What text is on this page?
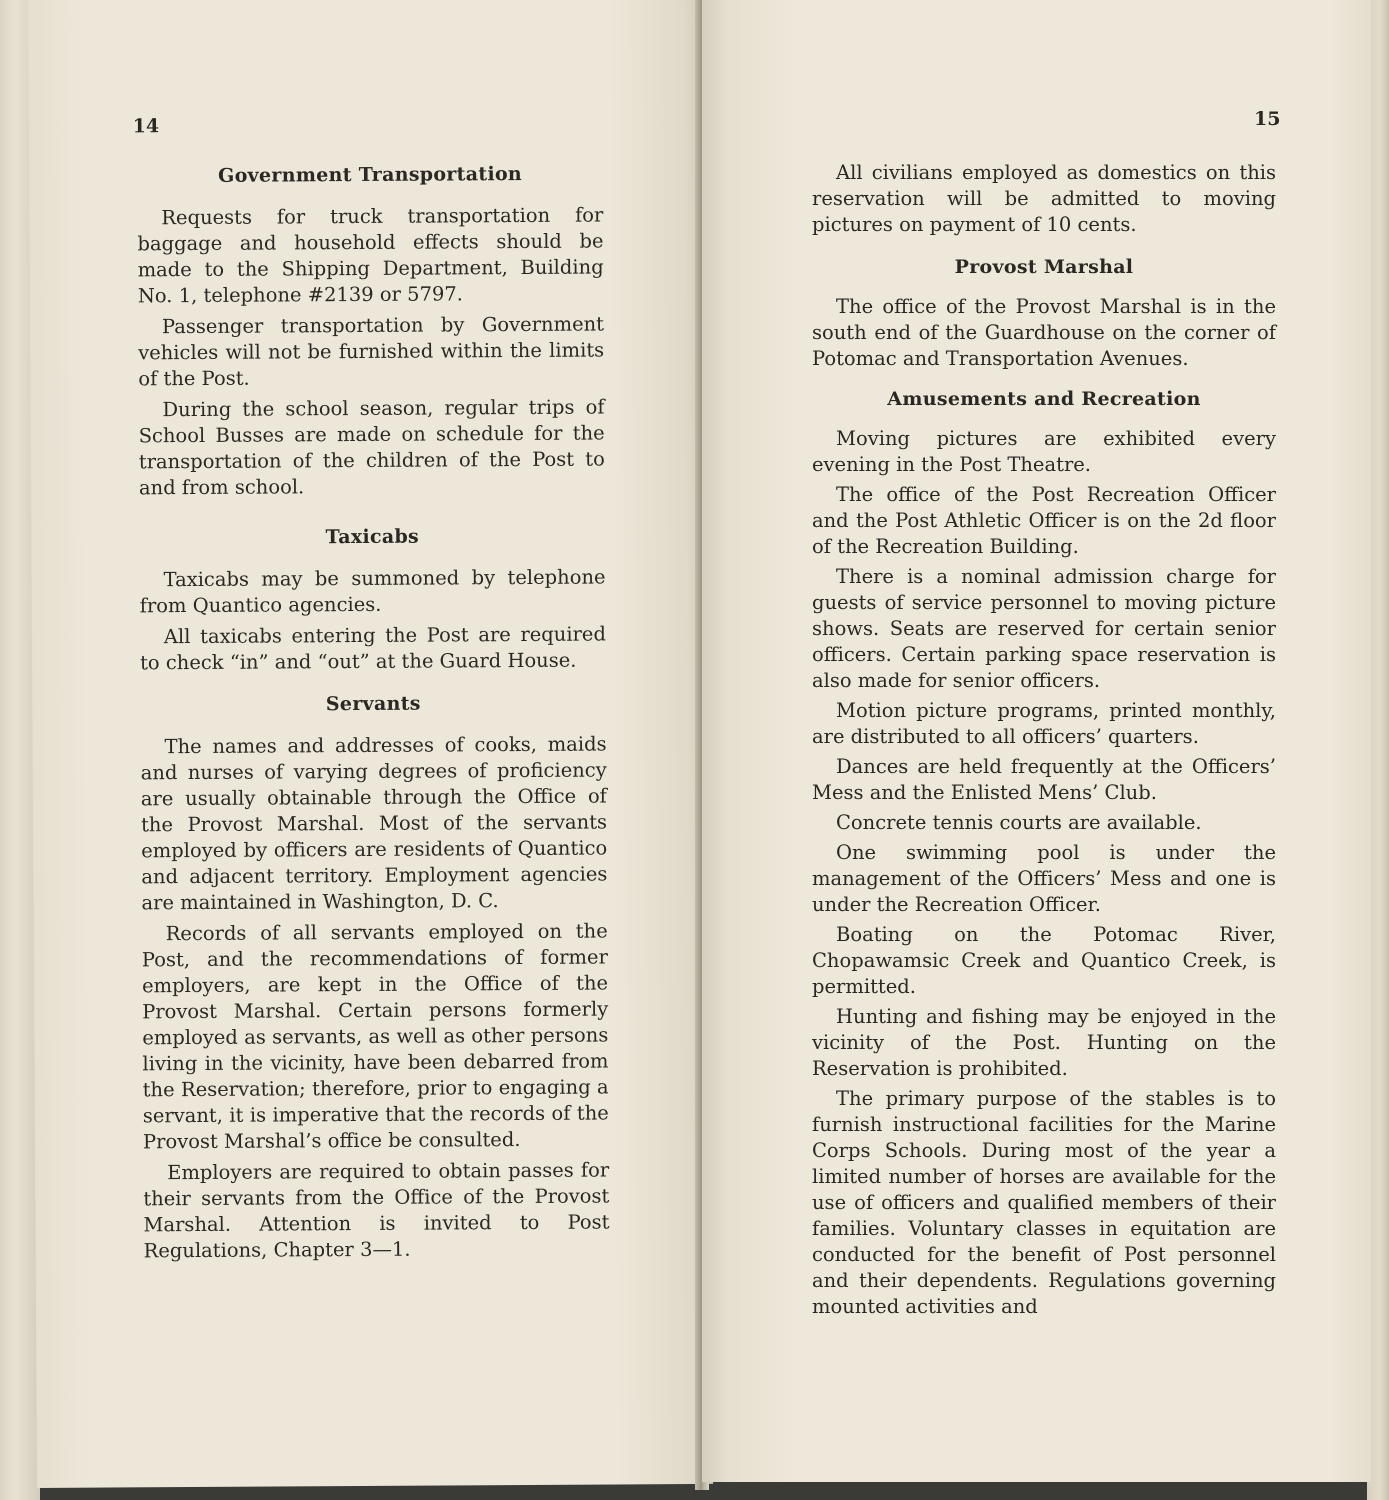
14
Government Transportation

Requests for truck transportation for baggage and household effects should be made to the Shipping Department, Building No. 1, telephone #2139 or 5797.

Passenger transportation by Government vehicles will not be furnished within the limits of the Post.

During the school season, regular trips of School Busses are made on schedule for the transportation of the children of the Post to and from school.

Taxicabs

Taxicabs may be summoned by telephone from Quantico agencies.

All taxicabs entering the Post are required to check “in” and “out” at the Guard House.

Servants

The names and addresses of cooks, maids and nurses of varying degrees of proficiency are usually obtainable through the Office of the Provost Marshal. Most of the servants employed by officers are residents of Quantico and adjacent territory. Employment agencies are maintained in Washington, D. C.

Records of all servants employed on the Post, and the recommendations of former employers, are kept in the Office of the Provost Marshal. Certain persons formerly employed as servants, as well as other persons living in the vicinity, have been debarred from the Reservation; therefore, prior to engaging a servant, it is imperative that the records of the Provost Marshal’s office be consulted.

Employers are required to obtain passes for their servants from the Office of the Provost Marshal. Attention is invited to Post Regulations, Chapter 3—1.

15

All civilians employed as domestics on this reservation will be admitted to moving pictures on payment of 10 cents.

Provost Marshal

The office of the Provost Marshal is in the south end of the Guardhouse on the corner of Potomac and Transportation Avenues.

Amusements and Recreation

Moving pictures are exhibited every evening in the Post Theatre.

The office of the Post Recreation Officer and the Post Athletic Officer is on the 2d floor of the Recreation Building.

There is a nominal admission charge for guests of service personnel to moving picture shows. Seats are reserved for certain senior officers. Certain parking space reservation is also made for senior officers.

Motion picture programs, printed monthly, are distributed to all officers’ quarters.

Dances are held frequently at the Officers’ Mess and the Enlisted Mens’ Club.

Concrete tennis courts are available.

One swimming pool is under the management of the Officers’ Mess and one is under the Recreation Officer.

Boating on the Potomac River, Chopawamsic Creek and Quantico Creek, is permitted.

Hunting and fishing may be enjoyed in the vicinity of the Post. Hunting on the Reservation is prohibited.

The primary purpose of the stables is to furnish instructional facilities for the Marine Corps Schools. During most of the year a limited number of horses are available for the use of officers and qualified members of their families. Voluntary classes in equitation are conducted for the benefit of Post personnel and their dependents. Regulations governing mounted activities and
